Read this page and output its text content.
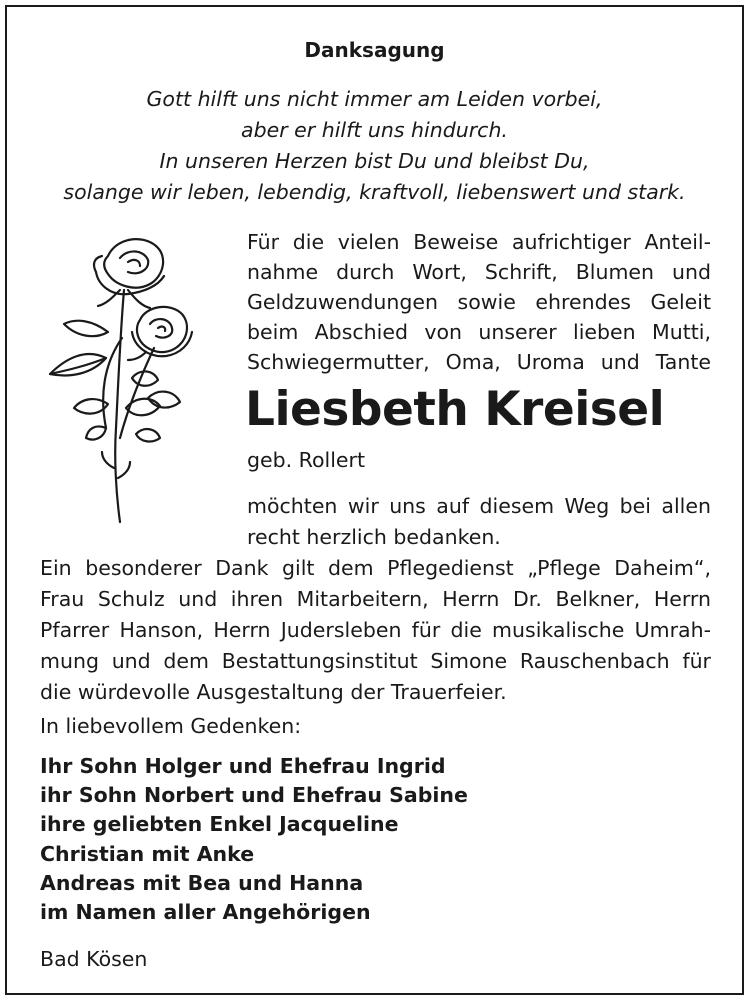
Danksagung
Gott hilft uns nicht immer am Leiden vorbei,
aber er hilft uns hindurch.
In unseren Herzen bist Du und bleibst Du,
solange wir leben, lebendig, kraftvoll, liebenswert und stark.
Für die vielen Beweise aufrichtiger Anteil-
nahme durch Wort, Schrift, Blumen und
Geldzuwendungen sowie ehrendes Geleit
beim Abschied von unserer lieben Mutti,
Schwiegermutter, Oma, Uroma und Tante
Liesbeth Kreisel
geb. Rollert
möchten wir uns auf diesem Weg bei allen
recht herzlich bedanken.
Ein besonderer Dank gilt dem Pflegedienst „Pflege Daheim“,
Frau Schulz und ihren Mitarbeitern, Herrn Dr. Belkner, Herrn
Pfarrer Hanson, Herrn Judersleben für die musikalische Umrah-
mung und dem Bestattungsinstitut Simone Rauschenbach für
die würdevolle Ausgestaltung der Trauerfeier.
In liebevollem Gedenken:
Ihr Sohn Holger und Ehefrau Ingrid
ihr Sohn Norbert und Ehefrau Sabine
ihre geliebten Enkel Jacqueline
Christian mit Anke
Andreas mit Bea und Hanna
im Namen aller Angehörigen
Bad Kösen
